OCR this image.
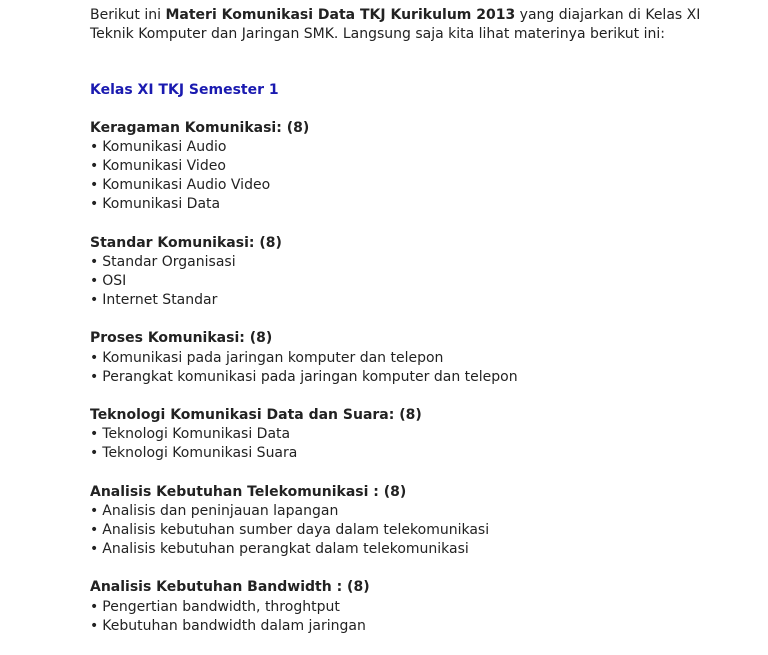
Berikut ini Materi Komunikasi Data TKJ Kurikulum 2013 yang diajarkan di Kelas XI Teknik Komputer dan Jaringan SMK. Langsung saja kita lihat materinya berikut ini:

Kelas XI TKJ Semester 1
Keragaman Komunikasi: (8)
• Komunikasi Audio
• Komunikasi Video
• Komunikasi Audio Video
• Komunikasi Data
Standar Komunikasi: (8)
• Standar Organisasi
• OSI
• Internet Standar
Proses Komunikasi: (8)
• Komunikasi pada jaringan komputer dan telepon
• Perangkat komunikasi pada jaringan komputer dan telepon
Teknologi Komunikasi Data dan Suara: (8)
• Teknologi Komunikasi Data
• Teknologi Komunikasi Suara
Analisis Kebutuhan Telekomunikasi : (8)
• Analisis dan peninjauan lapangan
• Analisis kebutuhan sumber daya dalam telekomunikasi
• Analisis kebutuhan perangkat dalam telekomunikasi
Analisis Kebutuhan Bandwidth : (8)
• Pengertian bandwidth, throghtput
• Kebutuhan bandwidth dalam jaringan
